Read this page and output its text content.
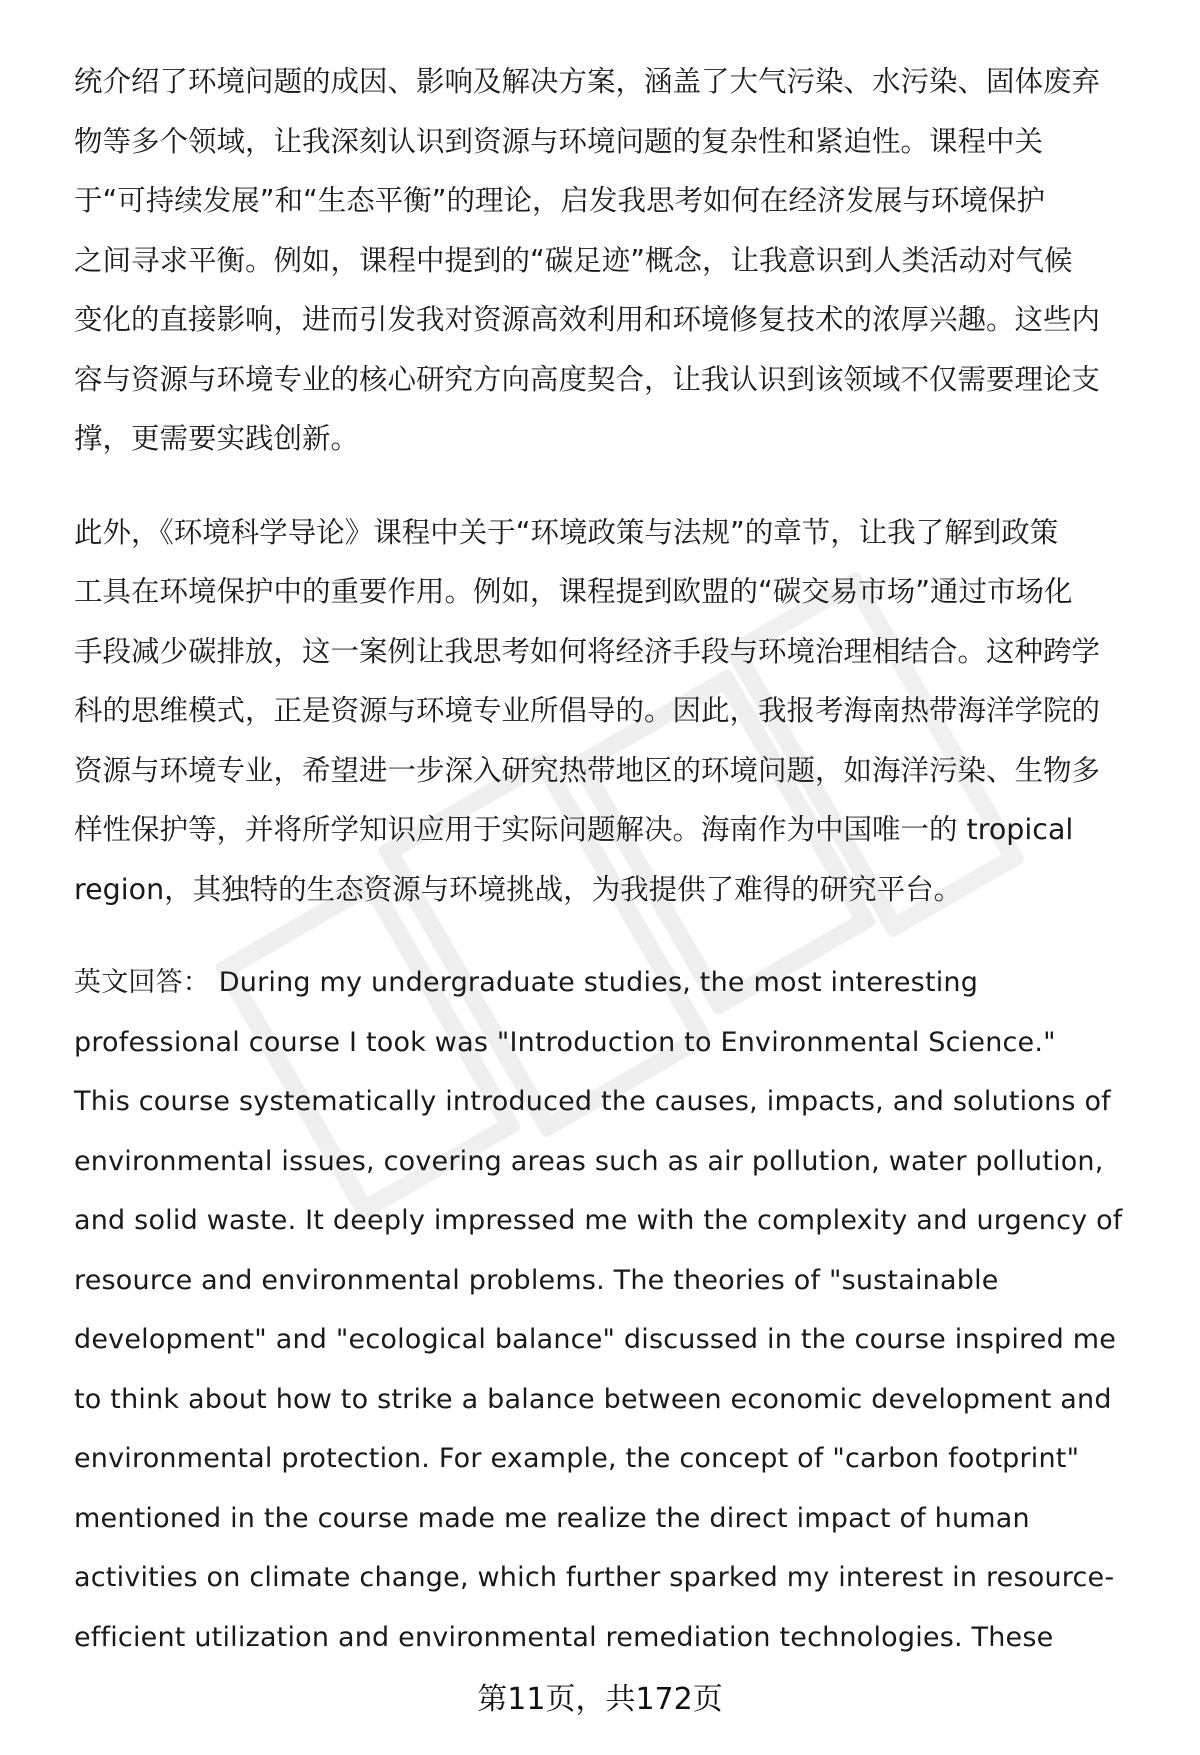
统介绍了环境问题的成因、影响及解决方案，涵盖了大气污染、水污染、固体废弃
物等多个领域，让我深刻认识到资源与环境问题的复杂性和紧迫性。课程中关
于“可持续发展”和“生态平衡”的理论，启发我思考如何在经济发展与环境保护
之间寻求平衡。例如，课程中提到的“碳足迹”概念，让我意识到人类活动对气候
变化的直接影响，进而引发我对资源高效利用和环境修复技术的浓厚兴趣。这些内
容与资源与环境专业的核心研究方向高度契合，让我认识到该领域不仅需要理论支
撑，更需要实践创新。
此外，《环境科学导论》课程中关于“环境政策与法规”的章节，让我了解到政策
工具在环境保护中的重要作用。例如，课程提到欧盟的“碳交易市场”通过市场化
手段减少碳排放，这一案例让我思考如何将经济手段与环境治理相结合。这种跨学
科的思维模式，正是资源与环境专业所倡导的。因此，我报考海南热带海洋学院的
资源与环境专业，希望进一步深入研究热带地区的环境问题，如海洋污染、生物多
样性保护等，并将所学知识应用于实际问题解决。海南作为中国唯一的 tropical
region，其独特的生态资源与环境挑战，为我提供了难得的研究平台。
英文回答： During my undergraduate studies, the most interesting
professional course I took was "Introduction to Environmental Science."
This course systematically introduced the causes, impacts, and solutions of
environmental issues, covering areas such as air pollution, water pollution,
and solid waste. It deeply impressed me with the complexity and urgency of
resource and environmental problems. The theories of "sustainable
development" and "ecological balance" discussed in the course inspired me
to think about how to strike a balance between economic development and
environmental protection. For example, the concept of "carbon footprint"
mentioned in the course made me realize the direct impact of human
activities on climate change, which further sparked my interest in resource-
efficient utilization and environmental remediation technologies. These
第11页，共172页
